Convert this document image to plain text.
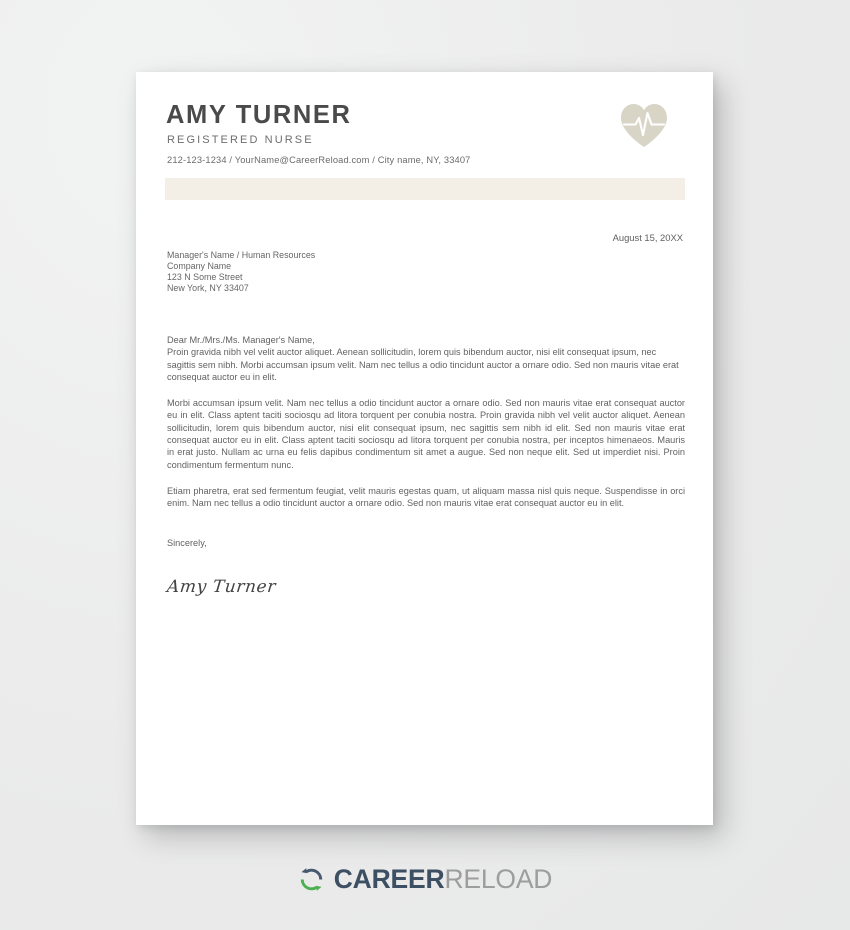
AMY TURNER
REGISTERED NURSE
212-123-1234 / YourName@CareerReload.com / City name, NY, 33407
August 15, 20XX
Manager's Name / Human Resources
Company Name
123 N Some Street
New York, NY 33407

Dear Mr./Mrs./Ms. Manager's Name,

Proin gravida nibh vel velit auctor aliquet. Aenean sollicitudin, lorem quis bibendum auctor, nisi elit consequat ipsum, nec sagittis sem nibh. Morbi accumsan ipsum velit. Nam nec tellus a odio tincidunt auctor a ornare odio. Sed non mauris vitae erat consequat auctor eu in elit.

Morbi accumsan ipsum velit. Nam nec tellus a odio tincidunt auctor a ornare odio. Sed non mauris vitae erat consequat auctor eu in elit. Class aptent taciti sociosqu ad litora torquent per conubia nostra. Proin gravida nibh vel velit auctor aliquet. Aenean sollicitudin, lorem quis bibendum auctor, nisi elit consequat ipsum, nec sagittis sem nibh id elit. Sed non mauris vitae erat consequat auctor eu in elit. Class aptent taciti sociosqu ad litora torquent per conubia nostra, per inceptos himenaeos. Mauris in erat justo. Nullam ac urna eu felis dapibus condimentum sit amet a augue. Sed non neque elit. Sed ut imperdiet nisi. Proin condimentum fermentum nunc.

Etiam pharetra, erat sed fermentum feugiat, velit mauris egestas quam, ut aliquam massa nisl quis neque. Suspendisse in orci enim. Nam nec tellus a odio tincidunt auctor a ornare odio. Sed non mauris vitae erat consequat auctor eu in elit.

Sincerely,
Amy Turner
CAREERRELOAD
